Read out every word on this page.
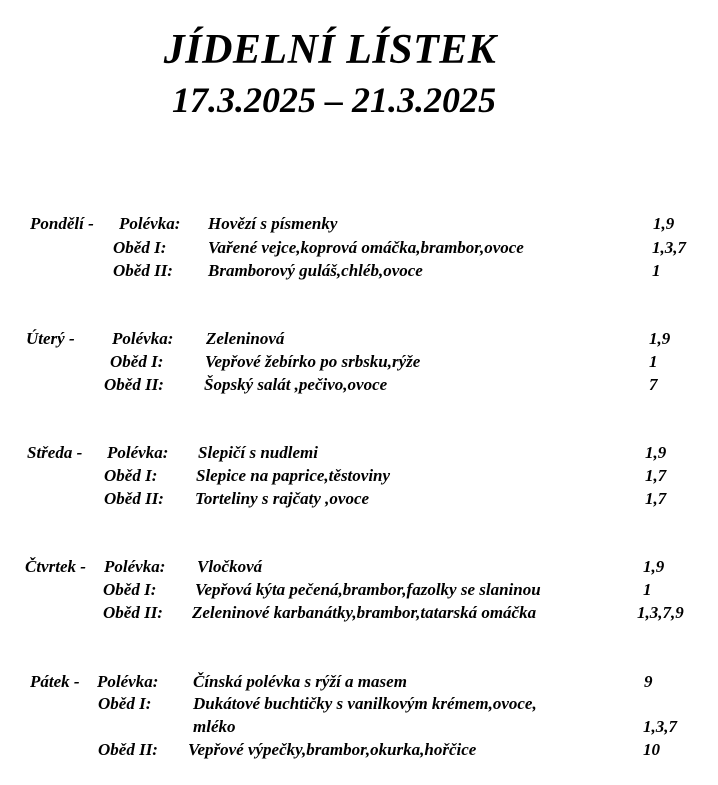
JÍDELNÍ LÍSTEK
17.3.2025 – 21.3.2025
Pondělí - Polévka: Hovězí s písmenky	1,9
Oběd I: Vařené vejce,koprová omáčka,brambor,ovoce	1,3,7
Oběd II: Bramborový guláš,chléb,ovoce	1
Úterý - Polévka: Zeleninová	1,9
Oběd I: Vepřové žebírko po srbsku,rýže	1
Oběd II: Šopský salát ,pečivo,ovoce	7
Středa - Polévka: Slepičí s nudlemi	1,9
Oběd I: Slepice na paprice,těstoviny	1,7
Oběd II: Torteliny s rajčaty ,ovoce	1,7
Čtvrtek - Polévka: Vločková	1,9
Oběd I: Vepřová kýta pečená,brambor,fazolky se slaninou	1
Oběd II: Zeleninové karbanátky,brambor,tatarská omáčka	1,3,7,9
Pátek - Polévka: Čínská polévka s rýží a masem	9
Oběd I: Dukátové buchtičky s vanilkovým krémem,ovoce,
mléko	1,3,7
Oběd II: Vepřové výpečky,brambor,okurka,hořčice	10
